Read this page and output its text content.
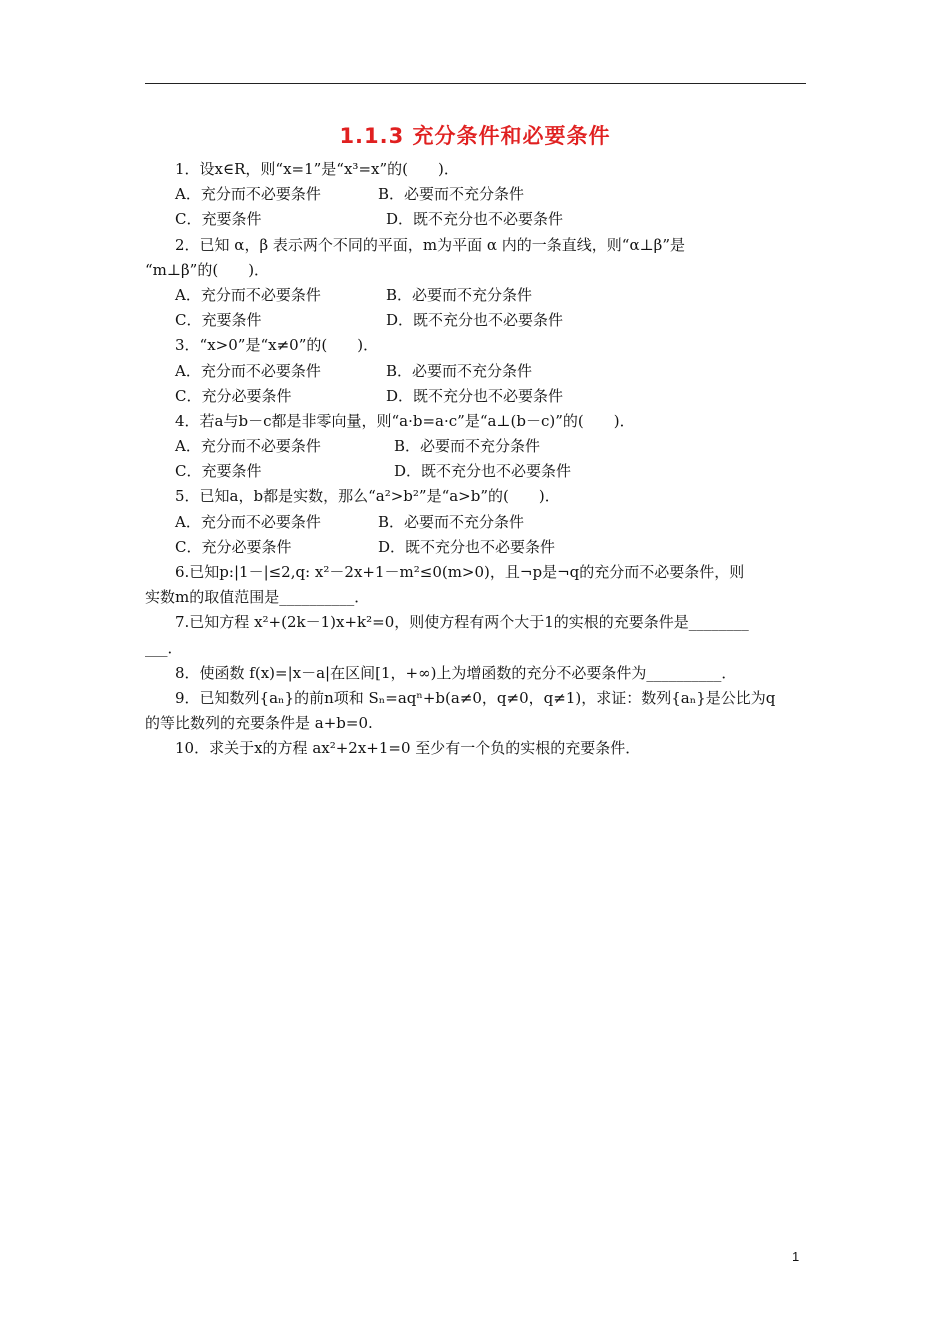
1.1.3 充分条件和必要条件
1．设x∈R，则“x=1”是“x³=x”的(　　)．
A．充分而不必要条件	B．必要而不充分条件
C．充要条件	D．既不充分也不必要条件
2．已知 α，β 表示两个不同的平面，m为平面 α 内的一条直线，则“α⊥β”是
“m⊥β”的(　　)．
A．充分而不必要条件	B．必要而不充分条件
C．充要条件	D．既不充分也不必要条件
3．“x>0”是“x≠0”的(　　)．
A．充分而不必要条件	B．必要而不充分条件
C．充分必要条件	D．既不充分也不必要条件
4．若a与b－c都是非零向量，则“a·b=a·c”是“a⊥(b－c)”的(　　)．
A．充分而不必要条件	B．必要而不充分条件
C．充要条件	D．既不充分也不必要条件
5．已知a，b都是实数，那么“a²>b²”是“a>b”的(　　)．
A．充分而不必要条件	B．必要而不充分条件
C．充分必要条件	D．既不充分也不必要条件
6.已知p:|1－|≤2,q: x²－2x+1－m²≤0(m>0)，且¬p是¬q的充分而不必要条件，则
实数m的取值范围是__________．
7.已知方程 x²+(2k－1)x+k²=0，则使方程有两个大于1的实根的充要条件是________
___．
8．使函数 f(x)=|x－a|在区间[1，+∞)上为增函数的充分不必要条件为__________．
9．已知数列{aₙ}的前n项和 Sₙ=aqⁿ+b(a≠0，q≠0，q≠1)，求证：数列{aₙ}是公比为q
的等比数列的充要条件是 a+b=0.
10．求关于x的方程 ax²+2x+1=0 至少有一个负的实根的充要条件．
1
